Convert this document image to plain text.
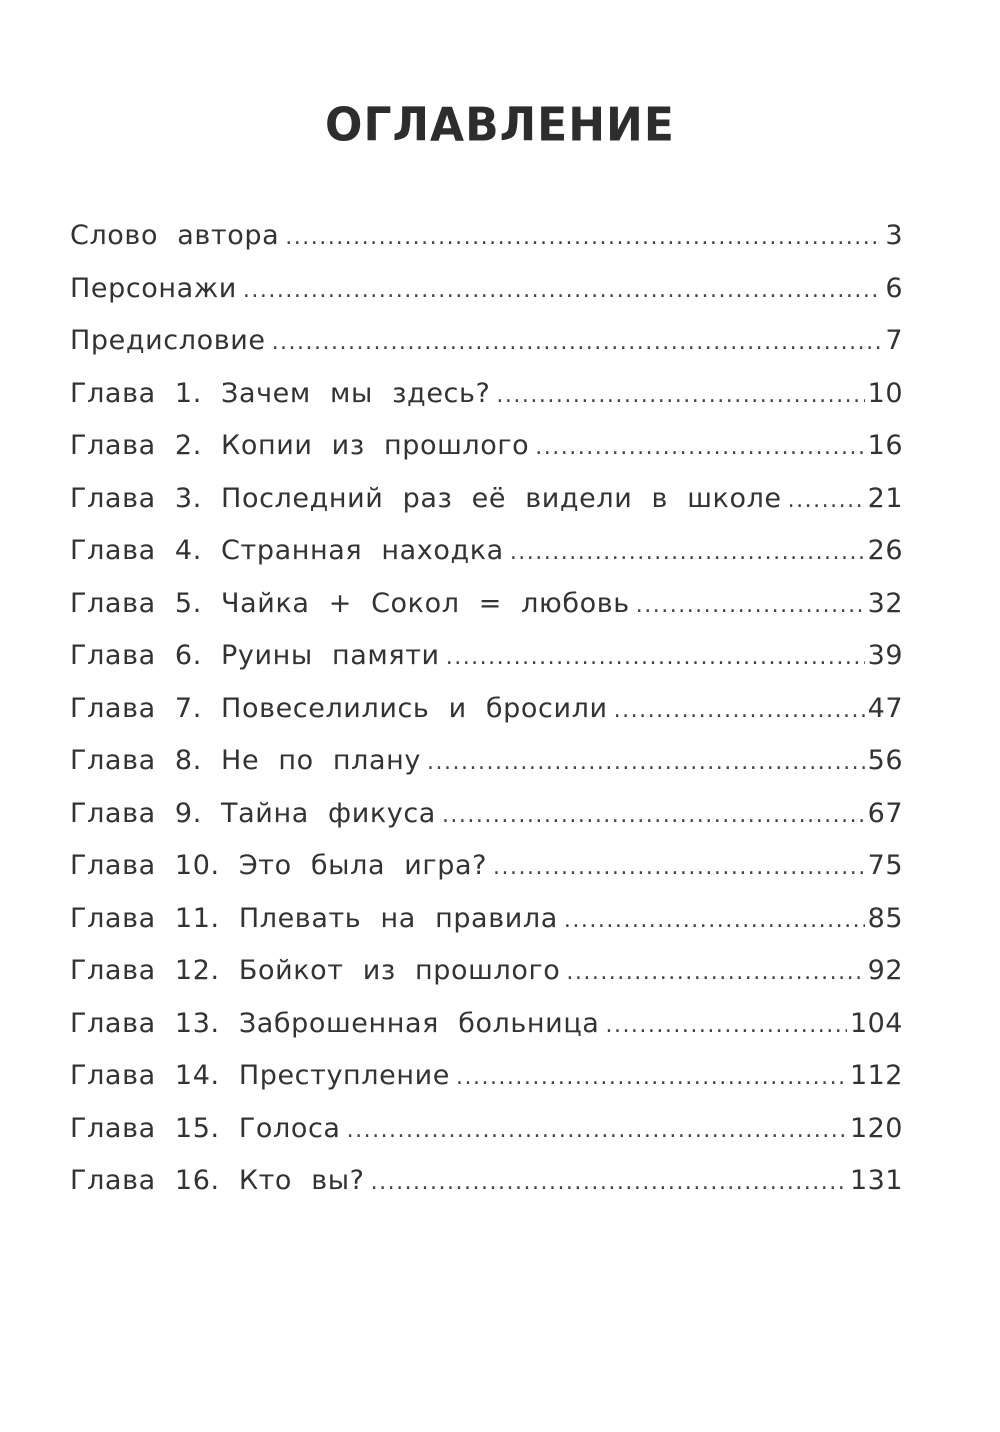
ОГЛАВЛЕНИЕ
Слово автора .....	3
Персонажи .....	6
Предисловие .....	7
Глава 1. Зачем мы здесь? .....	10
Глава 2. Копии из прошлого .....	16
Глава 3. Последний раз её видели в школе .....	21
Глава 4. Странная находка .....	26
Глава 5. Чайка + Сокол = любовь .....	32
Глава 6. Руины памяти .....	39
Глава 7. Повеселились и бросили .....	47
Глава 8. Не по плану .....	56
Глава 9. Тайна фикуса .....	67
Глава 10. Это была игра? .....	75
Глава 11. Плевать на правила .....	85
Глава 12. Бойкот из прошлого .....	92
Глава 13. Заброшенная больница .....	104
Глава 14. Преступление .....	112
Глава 15. Голоса .....	120
Глава 16. Кто вы? .....	131
